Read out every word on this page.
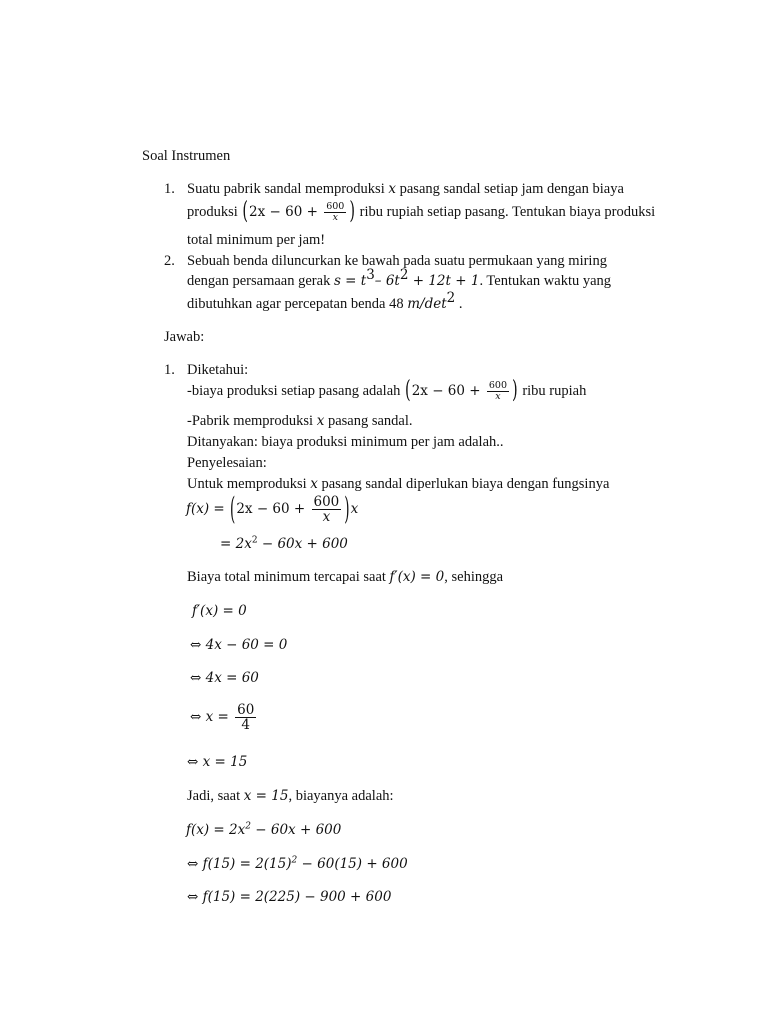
Soal Instrumen
1. Suatu pabrik sandal memproduksi x pasang sandal setiap jam dengan biaya
produksi ($2x - 60 + \frac{600}{x}$ ) ribu rupiah setiap pasang. Tentukan biaya produksi
total minimum per jam!
2. Sebuah benda diluncurkan ke bawah pada suatu permukaan yang miring
dengan persamaan gerak $s = t^3-$ $6t^2 + 12t + 1$. Tentukan waktu yang
dibutuhkan agar percepatan benda 48 $m/\det^2$ .
Jawab:
1. Diketahui:
-biaya produksi setiap pasang adalah ($2x - 60 + \frac{600}{x}$ ) ribu rupiah
-Pabrik memproduksi x pasang sandal.
Ditanyakan: biaya produksi minimum per jam adalah..
Penyelesaian:
Untuk memproduksi x pasang sandal diperlukan biaya dengan fungsinya
$f(x) = (2x - 60 + \frac{600}{x} )x$
= $2x^2 - 60x + 600$
Biaya total minimum tercapai saat f′(x) = 0, sehingga
f′(x) = 0
⇔ 4x − 60 = 0
⇔ 4x = 60
⇔ $x = \frac{60}{4}$
⇔ x = 15
Jadi, saat x = 15, biayanya adalah:
$f(x) = 2x^2 - 60x + 600$
⇔ $f(15) = 2(15)^2 - 60(15) + 600$
⇔ f(15) = 2(225) − 900 + 600
